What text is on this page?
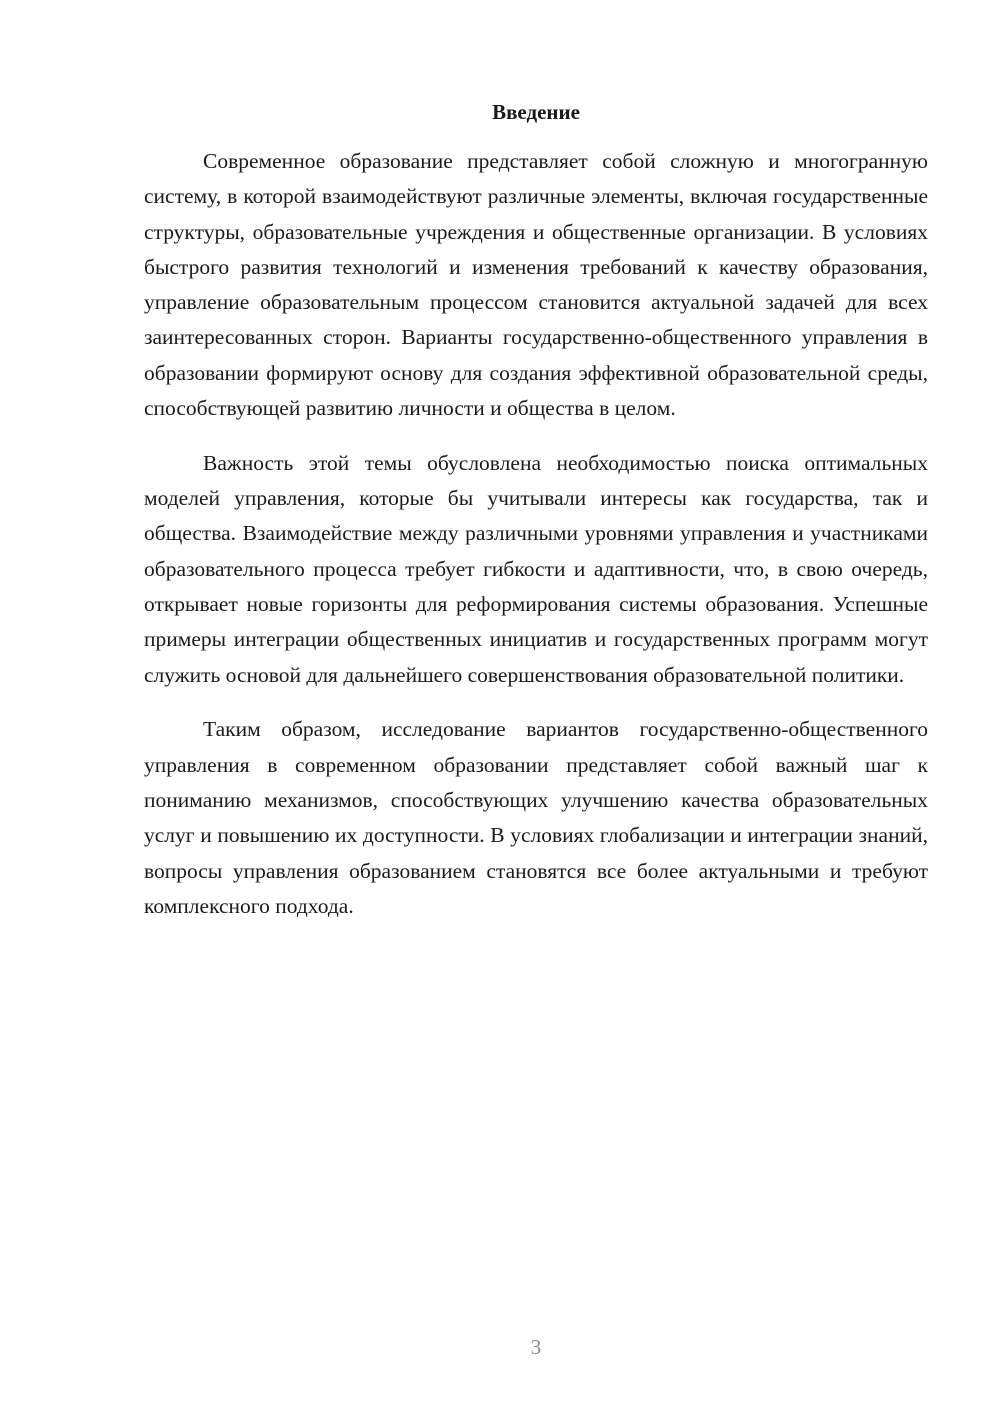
Введение

Современное образование представляет собой сложную и многогранную систему, в которой взаимодействуют различные элементы, включая государственные структуры, образовательные учреждения и общественные организации. В условиях быстрого развития технологий и изменения требований к качеству образования, управление образовательным процессом становится актуальной задачей для всех заинтересованных сторон. Варианты государственно-общественного управления в образовании формируют основу для создания эффективной образовательной среды, способствующей развитию личности и общества в целом.

Важность этой темы обусловлена необходимостью поиска оптимальных моделей управления, которые бы учитывали интересы как государства, так и общества. Взаимодействие между различными уровнями управления и участниками образовательного процесса требует гибкости и адаптивности, что, в свою очередь, открывает новые горизонты для реформирования системы образования. Успешные примеры интеграции общественных инициатив и государственных программ могут служить основой для дальнейшего совершенствования образовательной политики.

Таким образом, исследование вариантов государственно-общественного управления в современном образовании представляет собой важный шаг к пониманию механизмов, способствующих улучшению качества образовательных услуг и повышению их доступности. В условиях глобализации и интеграции знаний, вопросы управления образованием становятся все более актуальными и требуют комплексного подхода.

3
